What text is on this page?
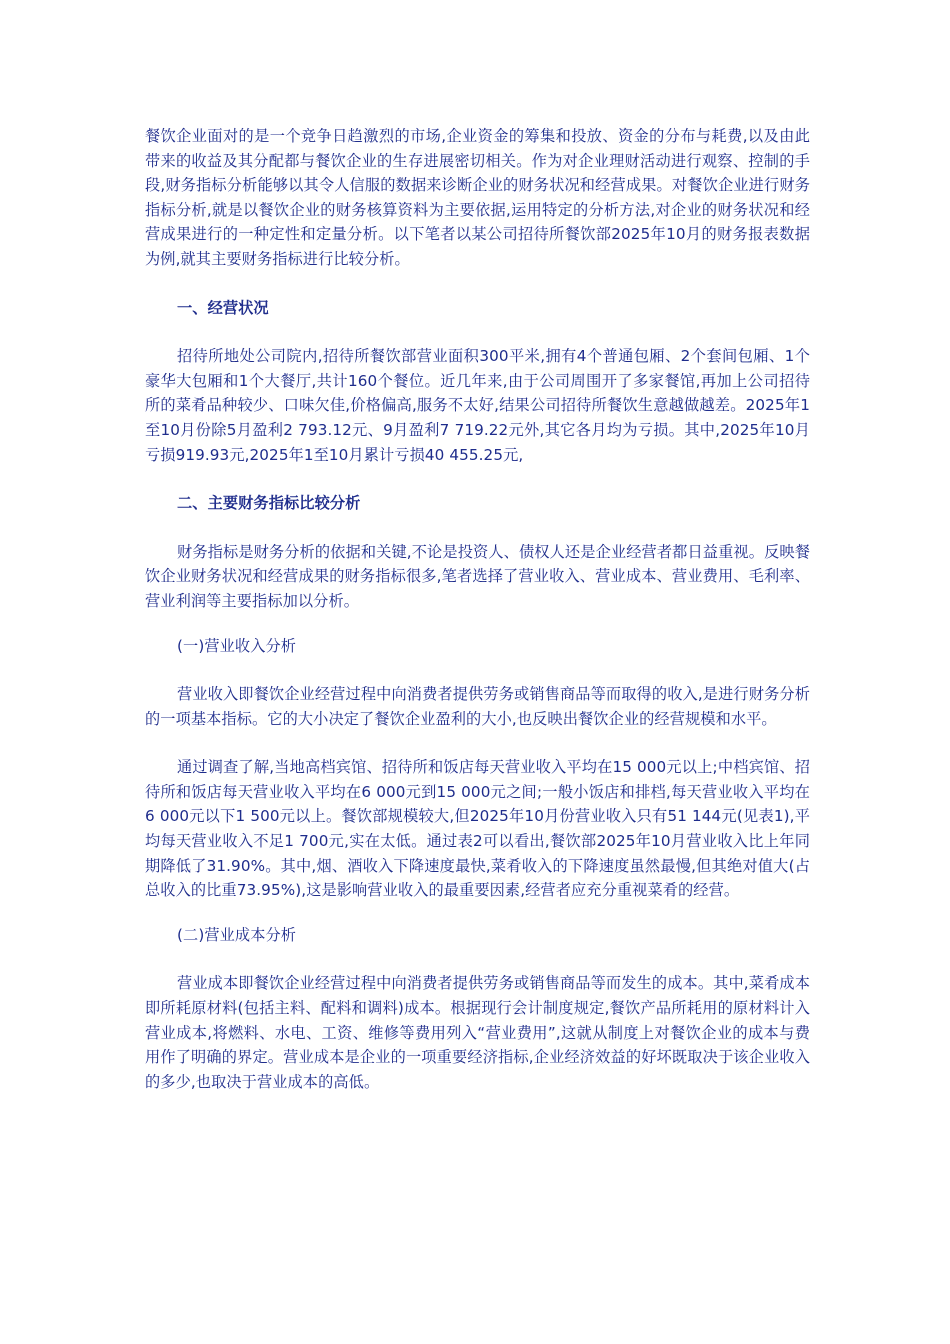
餐饮企业面对的是一个竞争日趋激烈的市场,企业资金的筹集和投放、资金的分布与耗费,以及由此带来的收益及其分配都与餐饮企业的生存进展密切相关。作为对企业理财活动进行观察、控制的手段,财务指标分析能够以其令人信服的数据来诊断企业的财务状况和经营成果。对餐饮企业进行财务指标分析,就是以餐饮企业的财务核算资料为主要依据,运用特定的分析方法,对企业的财务状况和经营成果进行的一种定性和定量分析。以下笔者以某公司招待所餐饮部2025年10月的财务报表数据为例,就其主要财务指标进行比较分析。

一、经营状况

招待所地处公司院内,招待所餐饮部营业面积300平米,拥有4个普通包厢、2个套间包厢、1个豪华大包厢和1个大餐厅,共计160个餐位。近几年来,由于公司周围开了多家餐馆,再加上公司招待所的菜肴品种较少、口味欠佳,价格偏高,服务不太好,结果公司招待所餐饮生意越做越差。2025年1至10月份除5月盈利2 793.12元、9月盈利7 719.22元外,其它各月均为亏损。其中,2025年10月亏损919.93元,2025年1至10月累计亏损40 455.25元,

二、主要财务指标比较分析

财务指标是财务分析的依据和关键,不论是投资人、债权人还是企业经营者都日益重视。反映餐饮企业财务状况和经营成果的财务指标很多,笔者选择了营业收入、营业成本、营业费用、毛利率、营业利润等主要指标加以分析。

(一)营业收入分析

营业收入即餐饮企业经营过程中向消费者提供劳务或销售商品等而取得的收入,是进行财务分析的一项基本指标。它的大小决定了餐饮企业盈利的大小,也反映出餐饮企业的经营规模和水平。

通过调查了解,当地高档宾馆、招待所和饭店每天营业收入平均在15 000元以上;中档宾馆、招待所和饭店每天营业收入平均在6 000元到15 000元之间;一般小饭店和排档,每天营业收入平均在6 000元以下1 500元以上。餐饮部规模较大,但2025年10月份营业收入只有51 144元(见表1),平均每天营业收入不足1 700元,实在太低。通过表2可以看出,餐饮部2025年10月营业收入比上年同期降低了31.90%。其中,烟、酒收入下降速度最快,菜肴收入的下降速度虽然最慢,但其绝对值大(占总收入的比重73.95%),这是影响营业收入的最重要因素,经营者应充分重视菜肴的经营。

(二)营业成本分析

营业成本即餐饮企业经营过程中向消费者提供劳务或销售商品等而发生的成本。其中,菜肴成本即所耗原材料(包括主料、配料和调料)成本。根据现行会计制度规定,餐饮产品所耗用的原材料计入营业成本,将燃料、水电、工资、维修等费用列入“营业费用”,这就从制度上对餐饮企业的成本与费用作了明确的界定。营业成本是企业的一项重要经济指标,企业经济效益的好坏既取决于该企业收入的多少,也取决于营业成本的高低。
